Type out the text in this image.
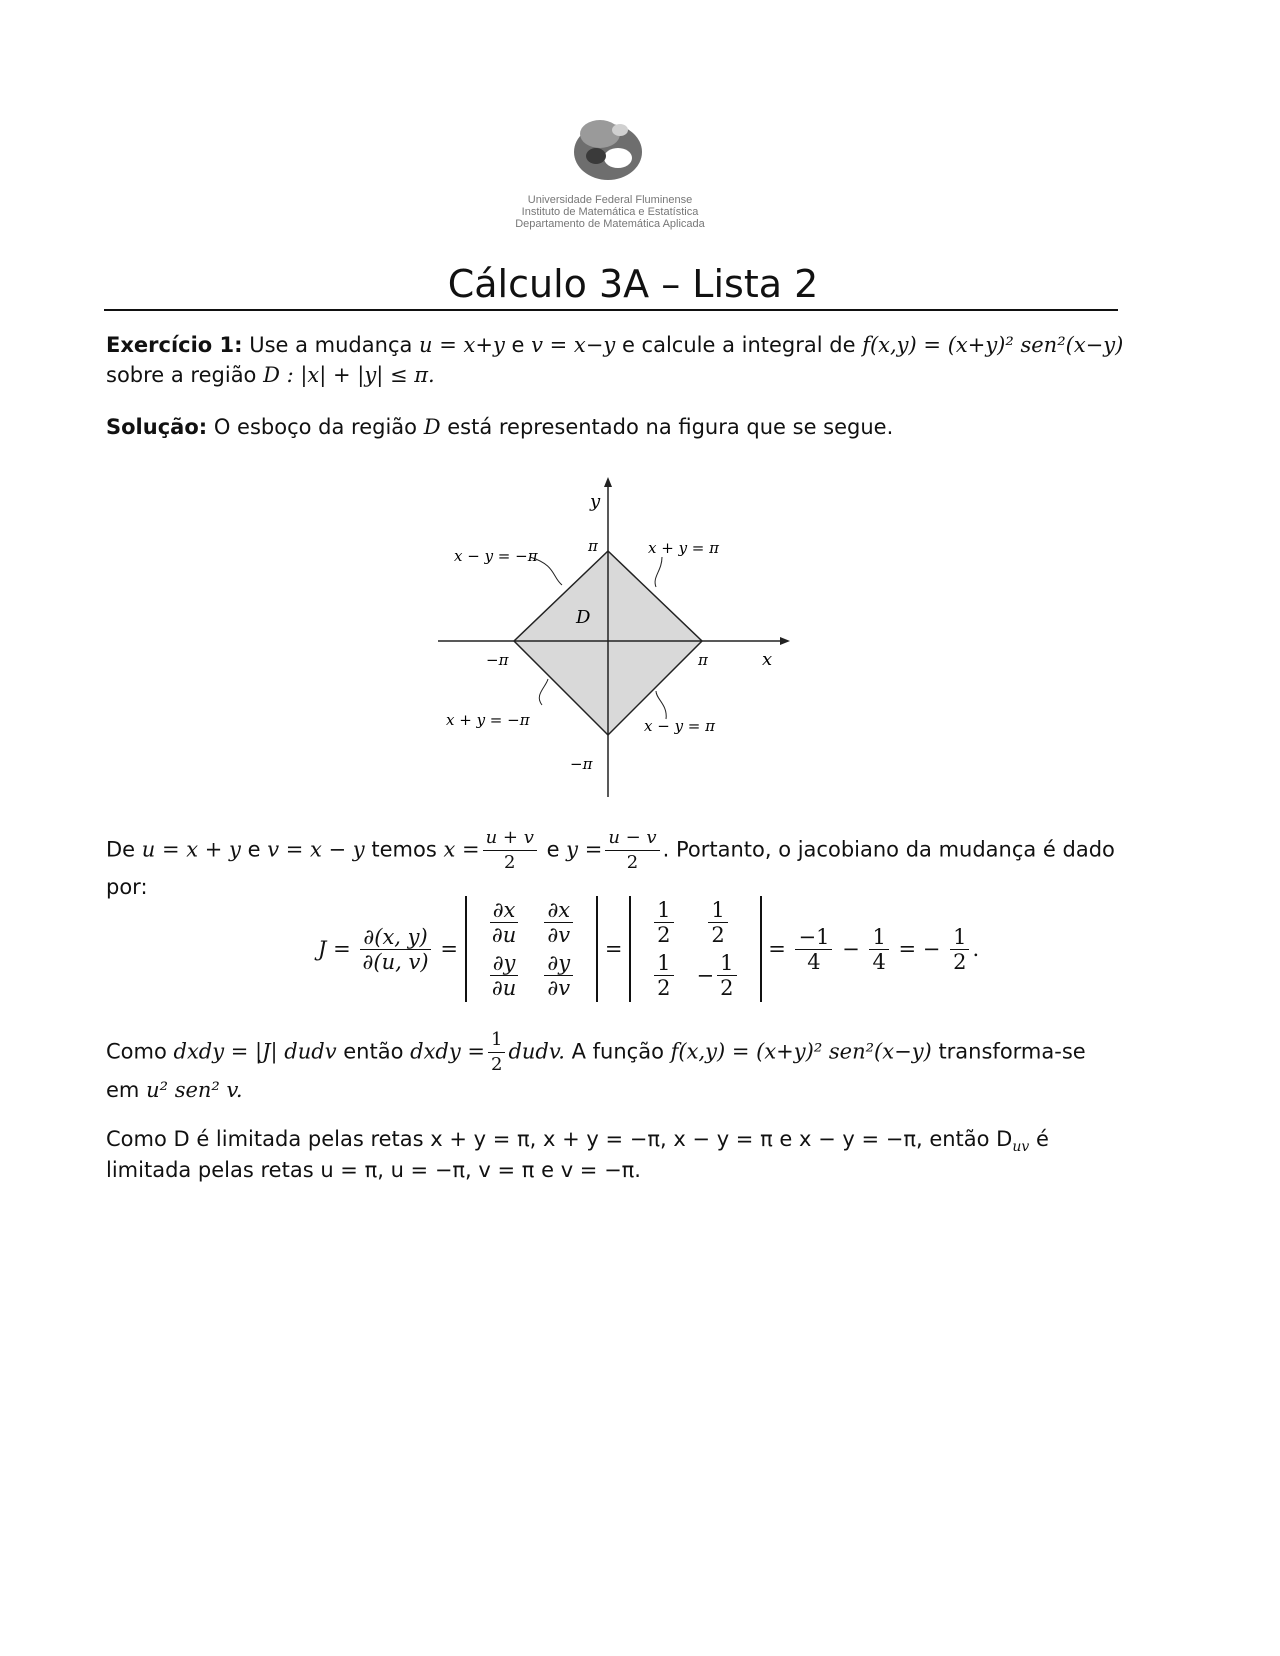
Universidade Federal Fluminense
Instituto de Matemática e Estatística
Departamento de Matemática Aplicada
Cálculo 3A – Lista 2
Exercício 1: Use a mudança u = x+y e v = x−y e calcule a integral de f(x,y) = (x+y)² sen²(x−y)
sobre a região D : |x| + |y| ≤ π.
Solução: O esboço da região D está representado na figura que se segue.
y
x
D
π
−π
−π	π
x − y = −π	x + y = π
x + y = −π	x − y = π
De u = x + y e v = x − y temos $x = \frac{u + v}{2}$ e $y = \frac{u - v}{2}$ . Portanto, o jacobiano da mudança é dado
por:
$J = \frac{\partial(x, y)}{\partial(u, v)}$ =
$\frac{\partial x}{\partial u}$	$\frac{\partial x}{\partial v}$

$\frac{\partial y}{\partial u}$	$\frac{\partial y}{\partial v}$
=
$\frac{1}{2}$	$\frac{1}{2}$

$\frac{1}{2}$	− $\frac{1}{2}$
= $\frac{-1}{4} - \frac{1}{4}$ = − $\frac{1}{2}$ .
Como dxdy = |J| dudv então dxdy = $\frac{1}{2}$ dudv. A função f(x,y) = (x+y)² sen²(x−y) transforma-se
em u² sen² v.
Como D é limitada pelas retas x + y = π, x + y = −π, x − y = π e x − y = −π, então $D_{uv}$ é
limitada pelas retas u = π, u = −π, v = π e v = −π.
